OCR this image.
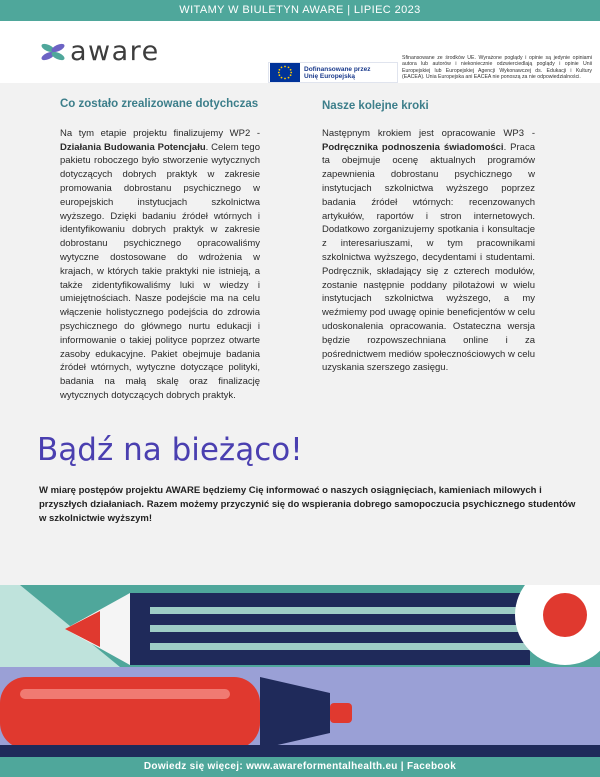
WITAMY W BIULETYN AWARE | LIPIEC 2023
aware
Dofinansowane przez
Unię Europejską
Sfinansowane ze środków UE. Wyrażone poglądy i opinie są jedynie opiniami autora lub autorów i niekoniecznie odzwierciedlają poglądy i opinie Unii Europejskiej lub Europejskiej Agencji Wykonawczej ds. Edukacji i Kultury (EACEA). Unia Europejska ani EACEA nie ponoszą za nie odpowiedzialności.
Co zostało zrealizowane dotychczas

Na tym etapie projektu finalizujemy WP2 - Działania Budowania Potencjału. Celem tego pakietu roboczego było stworzenie wytycznych dotyczących dobrych praktyk w zakresie promowania dobrostanu psychicznego w europejskich instytucjach szkolnictwa wyższego. Dzięki badaniu źródeł wtórnych i identyfikowaniu dobrych praktyk w zakresie dobrostanu psychicznego opracowaliśmy wytyczne dostosowane do wdrożenia w krajach, w których takie praktyki nie istnieją, a także zidentyfikowaliśmy luki w wiedzy i umiejętnościach. Nasze podejście ma na celu włączenie holistycznego podejścia do zdrowia psychicznego do głównego nurtu edukacji i informowanie o takiej polityce poprzez otwarte zasoby edukacyjne. Pakiet obejmuje badania źródeł wtórnych, wytyczne dotyczące polityki, badania na małą skalę oraz finalizację wytycznych dotyczących dobrych praktyk.

Nasze kolejne kroki

Następnym krokiem jest opracowanie WP3 - Podręcznika podnoszenia świadomości. Praca ta obejmuje ocenę aktualnych programów zapewnienia dobrostanu psychicznego w instytucjach szkolnictwa wyższego poprzez badania źródeł wtórnych: recenzowanych artykułów, raportów i stron internetowych. Dodatkowo zorganizujemy spotkania i konsultacje z interesariuszami, w tym pracownikami szkolnictwa wyższego, decydentami i studentami. Podręcznik, składający się z czterech modułów, zostanie następnie poddany pilotażowi w wielu instytucjach szkolnictwa wyższego, a my weźmiemy pod uwagę opinie beneficjentów w celu udoskonalenia opracowania. Ostateczna wersja będzie rozpowszechniana online i za pośrednictwem mediów społecznościowych w celu uzyskania szerszego zasięgu.

Bądź na bieżąco!
W miarę postępów projektu AWARE będziemy Cię informować o naszych osiągnięciach, kamieniach milowych i przyszłych działaniach. Razem możemy przyczynić się do wspierania dobrego samopoczucia psychicznego studentów w szkolnictwie wyższym!
Dowiedz się więcej: www.awareformentalhealth.eu | Facebook
